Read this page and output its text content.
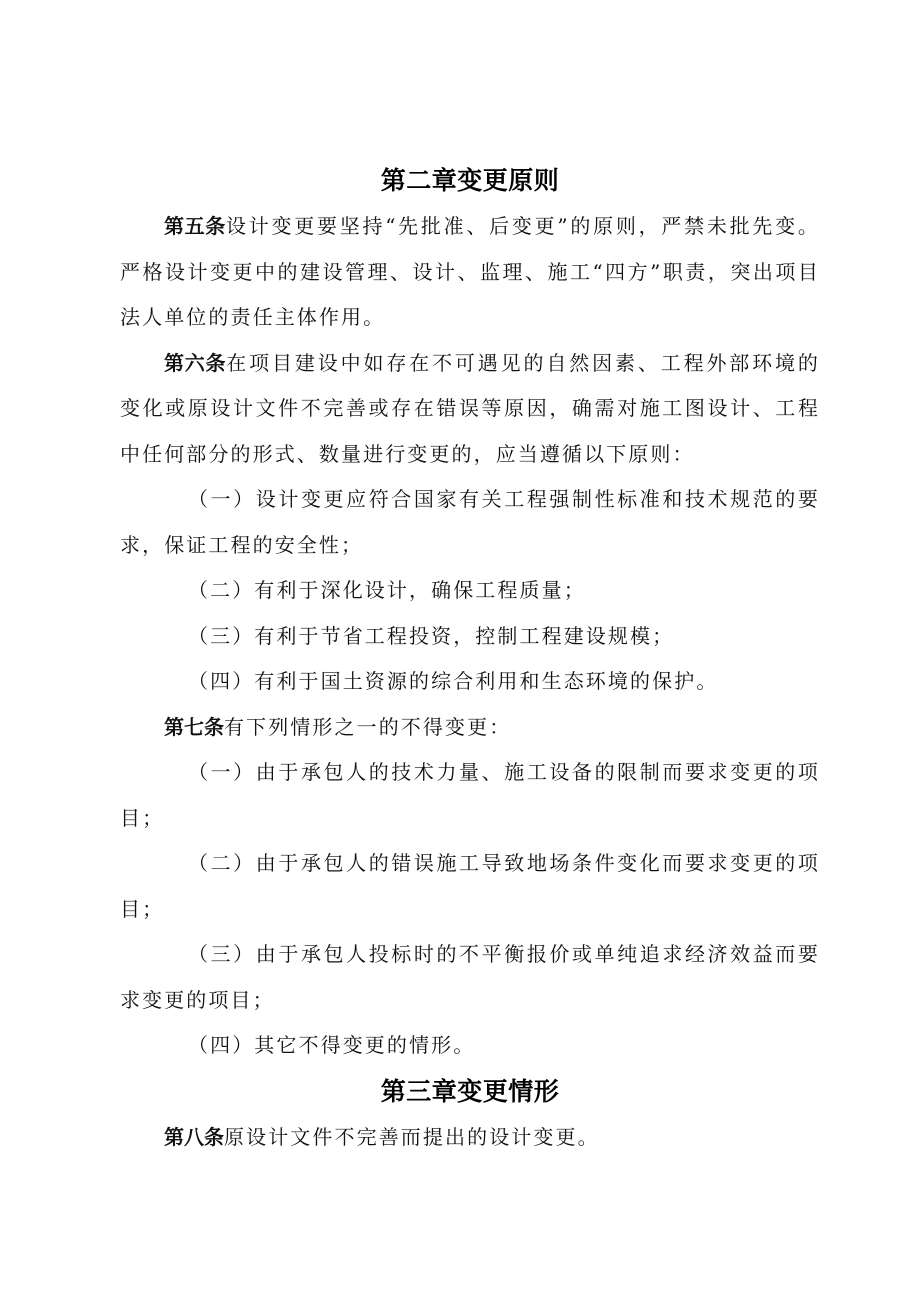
第二章变更原则

第五条设计变更要坚持“先批准、后变更”的原则，严禁未批先变。严格设计变更中的建设管理、设计、监理、施工“四方”职责，突出项目法人单位的责任主体作用。

第六条在项目建设中如存在不可遇见的自然因素、工程外部环境的变化或原设计文件不完善或存在错误等原因，确需对施工图设计、工程中任何部分的形式、数量进行变更的，应当遵循以下原则：

（一）设计变更应符合国家有关工程强制性标准和技术规范的要求，保证工程的安全性；

（二）有利于深化设计，确保工程质量；

（三）有利于节省工程投资，控制工程建设规模；

（四）有利于国土资源的综合利用和生态环境的保护。

第七条有下列情形之一的不得变更：

（一）由于承包人的技术力量、施工设备的限制而要求变更的项目；

（二）由于承包人的错误施工导致地场条件变化而要求变更的项目；

（三）由于承包人投标时的不平衡报价或单纯追求经济效益而要求变更的项目；

（四）其它不得变更的情形。

第三章变更情形

第八条原设计文件不完善而提出的设计变更。
